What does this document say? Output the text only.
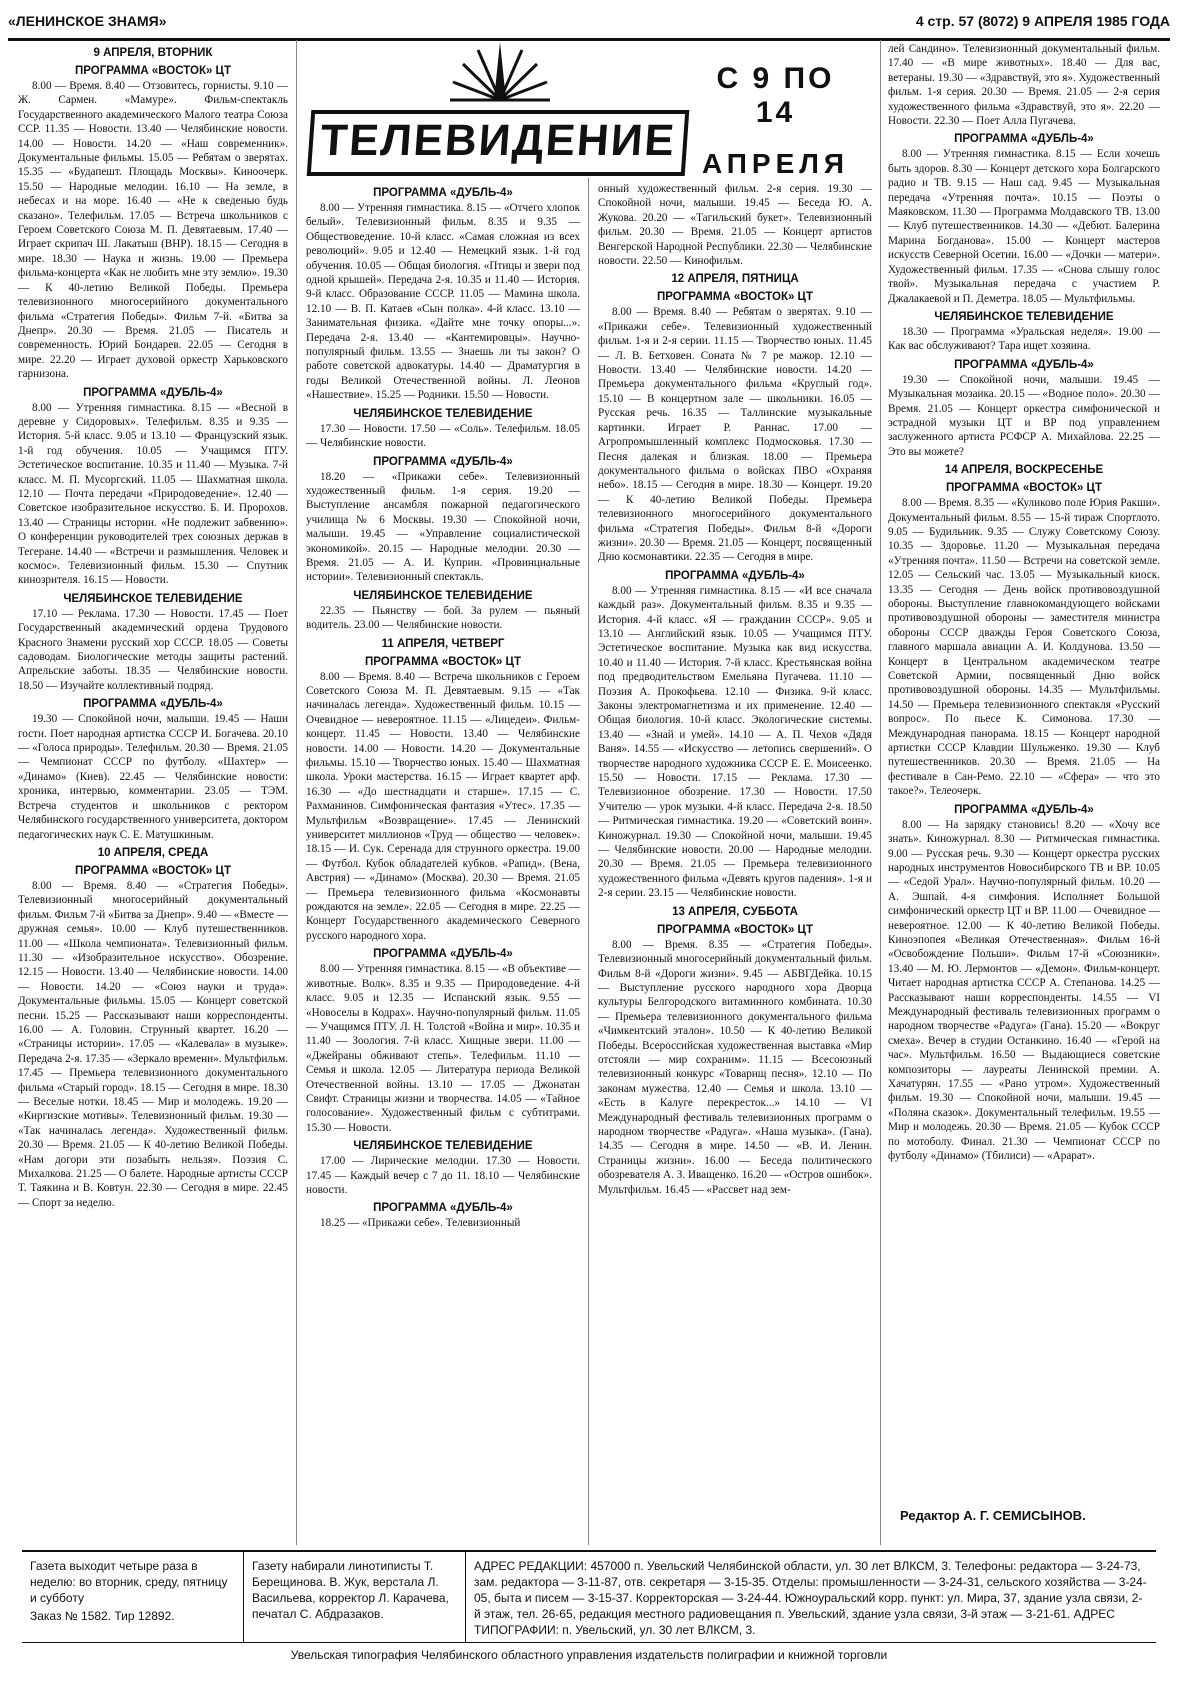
«ЛЕНИНСКОЕ ЗНАМЯ»	4 стр. 57 (8072) 9 АПРЕЛЯ 1985 ГОДА
ТЕЛЕВИДЕНИЕ
С 9 ПО 14
АПРЕЛЯ
9 АПРЕЛЯ, ВТОРНИК
ПРОГРАММА «ВОСТОК» ЦТ

8.00 — Время. 8.40 — Отзовитесь, горнисты. 9.10 — Ж. Сармен. «Мамуре». Фильм-спектакль Государственного академического Малого театра Союза ССР. 11.35 — Новости. 13.40 — Челябинские новости. 14.00 — Новости. 14.20 — «Наш современник». Документальные фильмы. 15.05 — Ребятам о зверятах. 15.35 — «Будапешт. Площадь Москвы». Киноочерк. 15.50 — Народные мелодии. 16.10 — На земле, в небесах и на море. 16.40 — «Не к сведенью будь сказано». Телефильм. 17.05 — Встреча школьников с Героем Советского Союза М. П. Девятаевым. 17.40 — Играет скрипач Ш. Лакатыш (ВНР). 18.15 — Сегодня в мире. 18.30 — Наука и жизнь. 19.00 — Премьера фильма-концерта «Как не любить мне эту землю». 19.30 — К 40-летию Великой Победы. Премьера телевизионного многосерийного документального фильма «Стратегия Победы». Фильм 7-й. «Битва за Днепр». 20.30 — Время. 21.05 — Писатель и современность. Юрий Бондарев. 22.05 — Сегодня в мире. 22.20 — Играет духовой оркестр Харьковского гарнизона.

ПРОГРАММА «ДУБЛЬ-4»

8.00 — Утренняя гимнастика. 8.15 — «Весной в деревне у Сидоровых». Телефильм. 8.35 и 9.35 — История. 5-й класс. 9.05 и 13.10 — Французский язык. 1-й год обучения. 10.05 — Учащимся ПТУ. Эстетическое воспитание. 10.35 и 11.40 — Музыка. 7-й класс. М. П. Мусоргский. 11.05 — Шахматная школа. 12.10 — Почта передачи «Природоведение». 12.40 — Советское изобразительное искусство. Б. И. Пророхов. 13.40 — Страницы истории. «Не подлежит забвению». О конференции руководителей трех союзных держав в Тегеране. 14.40 — «Встречи и размышления. Человек и космос». Телевизионный фильм. 15.30 — Спутник кинозрителя. 16.15 — Новости.

ЧЕЛЯБИНСКОЕ ТЕЛЕВИДЕНИЕ

17.10 — Реклама. 17.30 — Новости. 17.45 — Поет Государственный академический ордена Трудового Красного Знамени русский хор СССР. 18.05 — Советы садоводам. Биологические методы защиты растений. Апрельские заботы. 18.35 — Челябинские новости. 18.50 — Изучайте коллективный подряд.

ПРОГРАММА «ДУБЛЬ-4»

19.30 — Спокойной ночи, малыши. 19.45 — Наши гости. Поет народная артистка СССР И. Богачева. 20.10 — «Голоса природы». Телефильм. 20.30 — Время. 21.05 — Чемпионат СССР по футболу. «Шахтер» — «Динамо» (Киев). 22.45 — Челябинские новости: хроника, интервью, комментарии. 23.05 — ТЭМ. Встреча студентов и школьников с ректором Челябинского государственного университета, доктором педагогических наук С. Е. Матушкиным.

10 АПРЕЛЯ, СРЕДА
ПРОГРАММА «ВОСТОК» ЦТ

8.00 — Время. 8.40 — «Стратегия Победы». Телевизионный многосерийный документальный фильм. Фильм 7-й «Битва за Днепр». 9.40 — «Вместе — дружная семья». 10.00 — Клуб путешественников. 11.00 — «Школа чемпионата». Телевизионный фильм. 11.30 — «Изобразительное искусство». Обозрение. 12.15 — Новости. 13.40 — Челябинские новости. 14.00 — Новости. 14.20 — «Союз науки и труда». Документальные фильмы. 15.05 — Концерт советской песни. 15.25 — Рассказывают наши корреспонденты. 16.00 — А. Головин. Струнный квартет. 16.20 — «Страницы истории». 17.05 — «Калевала» в музыке». Передача 2-я. 17.35 — «Зеркало времени». Мультфильм. 17.45 — Премьера телевизионного документального фильма «Старый город». 18.15 — Сегодня в мире. 18.30 — Веселые нотки. 18.45 — Мир и молодежь. 19.20 — «Киргизские мотивы». Телевизионный фильм. 19.30 — «Так начиналась легенда». Художественный фильм. 20.30 — Время. 21.05 — К 40-летию Великой Победы. «Нам догори эти позабыть нельзя». Поэзия С. Михалкова. 21.25 — О балете. Народные артисты СССР Т. Таякина и В. Ковтун. 22.30 — Сегодня в мире. 22.45 — Спорт за неделю.

ПРОГРАММА «ДУБЛЬ-4»

8.00 — Утренняя гимнастика. 8.15 — «Отчего хлопок белый». Телевизионный фильм. 8.35 и 9.35 — Обществоведение. 10-й класс. «Самая сложная из всех революций». 9.05 и 12.40 — Немецкий язык. 1-й год обучения. 10.05 — Общая биология. «Птицы и звери под одной крышей». Передача 2-я. 10.35 и 11.40 — История. 9-й класс. Образование СССР. 11.05 — Мамина школа. 12.10 — В. П. Катаев «Сын полка». 4-й класс. 13.10 — Занимательная физика. «Дайте мне точку опоры...». Передача 2-я. 13.40 — «Кантемировцы». Научно-популярный фильм. 13.55 — Знаешь ли ты закон? О работе советской адвокатуры. 14.40 — Драматургия в годы Великой Отечественной войны. Л. Леонов «Нашествие». 15.25 — Родники. 15.50 — Новости.

ЧЕЛЯБИНСКОЕ ТЕЛЕВИДЕНИЕ

17.30 — Новости. 17.50 — «Соль». Телефильм. 18.05 — Челябинские новости.

ПРОГРАММА «ДУБЛЬ-4»

18.20 — «Прикажи себе». Телевизионный художественный фильм. 1-я серия. 19.20 — Выступление ансамбля пожарной педагогического училища № 6 Москвы. 19.30 — Спокойной ночи, малыши. 19.45 — «Управление социалистической экономикой». 20.15 — Народные мелодии. 20.30 — Время. 21.05 — А. И. Куприн. «Провинциальные истории». Телевизионный спектакль.

ЧЕЛЯБИНСКОЕ ТЕЛЕВИДЕНИЕ

22.35 — Пьянству — бой. За рулем — пьяный водитель. 23.00 — Челябинские новости.

11 АПРЕЛЯ, ЧЕТВЕРГ
ПРОГРАММА «ВОСТОК» ЦТ

8.00 — Время. 8.40 — Встреча школьников с Героем Советского Союза М. П. Девятаевым. 9.15 — «Так начиналась легенда». Художественный фильм. 10.15 — Очевидное — невероятное. 11.15 — «Лицедеи». Фильм-концерт. 11.45 — Новости. 13.40 — Челябинские новости. 14.00 — Новости. 14.20 — Документальные фильмы. 15.10 — Творчество юных. 15.40 — Шахматная школа. Уроки мастерства. 16.15 — Играет квартет арф. 16.30 — «До шестнадцати и старше». 17.15 — С. Рахманинов. Симфоническая фантазия «Утес». 17.35 — Мультфильм «Возвращение». 17.45 — Ленинский университет миллионов «Труд — общество — человек». 18.15 — И. Сук. Серенада для струнного оркестра. 19.00 — Футбол. Кубок обладателей кубков. «Рапид». (Вена, Австрия) — «Динамо» (Москва). 20.30 — Время. 21.05 — Премьера телевизионного фильма «Космонавты рождаются на земле». 22.05 — Сегодня в мире. 22.25 — Концерт Государственного академического Северного русского народного хора.

ПРОГРАММА «ДУБЛЬ-4»

8.00 — Утренняя гимнастика. 8.15 — «В объективе — животные. Волк». 8.35 и 9.35 — Природоведение. 4-й класс. 9.05 и 12.35 — Испанский язык. 9.55 — «Новоселы в Кодрах». Научно-популярный фильм. 11.05 — Учащимся ПТУ. Л. Н. Толстой «Война и мир». 10.35 и 11.40 — Зоология. 7-й класс. Хищные звери. 11.00 — «Джейраны обживают степь». Телефильм. 11.10 — Семья и школа. 12.05 — Литература периода Великой Отечественной войны. 13.10 — 17.05 — Джонатан Свифт. Страницы жизни и творчества. 14.05 — «Тайное голосование». Художественный фильм с субтитрами. 15.30 — Новости.

ЧЕЛЯБИНСКОЕ ТЕЛЕВИДЕНИЕ

17.00 — Лирические мелодии. 17.30 — Новости. 17.45 — Каждый вечер с 7 до 11. 18.10 — Челябинские новости.

ПРОГРАММА «ДУБЛЬ-4»

18.25 — «Прикажи себе». Телевизионный

онный художественный фильм. 2-я серия. 19.30 — Спокойной ночи, малыши. 19.45 — Беседа Ю. А. Жукова. 20.20 — «Тагильский букет». Телевизионный фильм. 20.30 — Время. 21.05 — Концерт артистов Венгерской Народной Республики. 22.30 — Челябинские новости. 22.50 — Кинофильм.

12 АПРЕЛЯ, ПЯТНИЦА
ПРОГРАММА «ВОСТОК» ЦТ

8.00 — Время. 8.40 — Ребятам о зверятах. 9.10 — «Прикажи себе». Телевизионный художественный фильм. 1-я и 2-я серии. 11.15 — Творчество юных. 11.45 — Л. В. Бетховен. Соната № 7 ре мажор. 12.10 — Новости. 13.40 — Челябинские новости. 14.20 — Премьера документального фильма «Круглый год». 15.10 — В концертном зале — школьники. 16.05 — Русская речь. 16.35 — Таллинские музыкальные картинки. Играет Р. Раннас. 17.00 — Агропромышленный комплекс Подмосковья. 17.30 — Песня далекая и близкая. 18.00 — Премьера документального фильма о войсках ПВО «Охраняя небо». 18.15 — Сегодня в мире. 18.30 — Концерт. 19.20 — К 40-летию Великой Победы. Премьера телевизионного многосерийного документального фильма «Стратегия Победы». Фильм 8-й «Дороги жизни». 20.30 — Время. 21.05 — Концерт, посвященный Дню космонавтики. 22.35 — Сегодня в мире.

ПРОГРАММА «ДУБЛЬ-4»

8.00 — Утренняя гимнастика. 8.15 — «И все сначала каждый раз». Документальный фильм. 8.35 и 9.35 — История. 4-й класс. «Я — гражданин СССР». 9.05 и 13.10 — Английский язык. 10.05 — Учащимся ПТУ. Эстетическое воспитание. Музыка как вид искусства. 10.40 и 11.40 — История. 7-й класс. Крестьянская война под предводительством Емельяна Пугачева. 11.10 — Поэзия А. Прокофьева. 12.10 — Физика. 9-й класс. Законы электромагнетизма и их применение. 12.40 — Общая биология. 10-й класс. Экологические системы. 13.40 — «Знай и умей». 14.10 — А. П. Чехов «Дядя Ваня». 14.55 — «Искусство — летопись свершений». О творчестве народного художника СССР Е. Е. Моисеенко. 15.50 — Новости. 17.15 — Реклама. 17.30 — Телевизионное обозрение. 17.30 — Новости. 17.50 Учителю — урок музыки. 4-й класс. Передача 2-я. 18.50 — Ритмическая гимнастика. 19.20 — «Советский воин». Киножурнал. 19.30 — Спокойной ночи, малыши. 19.45 — Челябинские новости. 20.00 — Народные мелодии. 20.30 — Время. 21.05 — Премьера телевизионного художественного фильма «Девять кругов падения». 1-я и 2-я серии. 23.15 — Челябинские новости.

13 АПРЕЛЯ, СУББОТА
ПРОГРАММА «ВОСТОК» ЦТ

8.00 — Время. 8.35 — «Стратегия Победы». Телевизионный многосерийный документальный фильм. Фильм 8-й «Дороги жизни». 9.45 — АБВГДейка. 10.15 — Выступление русского народного хора Дворца культуры Белгородского витаминного комбината. 10.30 — Премьера телевизионного документального фильма «Чимкентский эталон». 10.50 — К 40-летию Великой Победы. Всероссийская художественная выставка «Мир отстояли — мир сохраним». 11.15 — Всесоюзный телевизионный конкурс «Товарищ песня». 12.10 — По законам мужества. 12.40 — Семья и школа. 13.10 — «Есть в Калуге перекресток...» 14.10 — VI Международный фестиваль телевизионных программ о народном творчестве «Радуга». «Наша музыка». (Гана). 14.35 — Сегодня в мире. 14.50 — «В. И. Ленин. Страницы жизни». 16.00 — Беседа политического обозревателя А. З. Иващенко. 16.20 — «Остров ошибок». Мультфильм. 16.45 — «Рассвет над зем-

лей Сандино». Телевизионный документальный фильм. 17.40 — «В мире животных». 18.40 — Для вас, ветераны. 19.30 — «Здравствуй, это я». Художественный фильм. 1-я серия. 20.30 — Время. 21.05 — 2-я серия художественного фильма «Здравствуй, это я». 22.20 — Новости. 22.30 — Поет Алла Пугачева.

ПРОГРАММА «ДУБЛЬ-4»

8.00 — Утренняя гимнастика. 8.15 — Если хочешь быть здоров. 8.30 — Концерт детского хора Болгарского радио и ТВ. 9.15 — Наш сад. 9.45 — Музыкальная передача «Утренняя почта». 10.15 — Поэты о Маяковском. 11.30 — Программа Молдавского ТВ. 13.00 — Клуб путешественников. 14.30 — «Дебют. Балерина Марина Богданова». 15.00 — Концерт мастеров искусств Северной Осетии. 16.00 — «Дочки — матери». Художественный фильм. 17.35 — «Снова слышу голос твой». Музыкальная передача с участием Р. Джалакаевой и П. Деметра. 18.05 — Мультфильмы.

ЧЕЛЯБИНСКОЕ ТЕЛЕВИДЕНИЕ

18.30 — Программа «Уральская неделя». 19.00 — Как вас обслуживают? Тара ищет хозяина.

ПРОГРАММА «ДУБЛЬ-4»

19.30 — Спокойной ночи, малыши. 19.45 — Музыкальная мозаика. 20.15 — «Водное поло». 20.30 — Время. 21.05 — Концерт оркестра симфонической и эстрадной музыки ЦТ и ВР под управлением заслуженного артиста РСФСР А. Михайлова. 22.25 — Это вы можете?

14 АПРЕЛЯ, ВОСКРЕСЕНЬЕ
ПРОГРАММА «ВОСТОК» ЦТ

8.00 — Время. 8.35 — «Куликово поле Юрия Ракши». Документальный фильм. 8.55 — 15-й тираж Спортлото. 9.05 — Будильник. 9.35 — Служу Советскому Союзу. 10.35 — Здоровье. 11.20 — Музыкальная передача «Утренняя почта». 11.50 — Встречи на советской земле. 12.05 — Сельский час. 13.05 — Музыкальный киоск. 13.35 — Сегодня — День войск противовоздушной обороны. Выступление главнокомандующего войсками противовоздушной обороны — заместителя министра обороны СССР дважды Героя Советского Союза, главного маршала авиации А. И. Колдунова. 13.50 — Концерт в Центральном академическом театре Советской Армии, посвященный Дню войск противовоздушной обороны. 14.35 — Мультфильмы. 14.50 — Премьера телевизионного спектакля «Русский вопрос». По пьесе К. Симонова. 17.30 — Международная панорама. 18.15 — Концерт народной артистки СССР Клавдии Шульженко. 19.30 — Клуб путешественников. 20.30 — Время. 21.05 — На фестивале в Сан-Ремо. 22.10 — «Сфера» — что это такое?». Телеочерк.

ПРОГРАММА «ДУБЛЬ-4»

8.00 — На зарядку становись! 8.20 — «Хочу все знать». Киножурнал. 8.30 — Ритмическая гимнастика. 9.00 — Русская речь. 9.30 — Концерт оркестра русских народных инструментов Новосибирского ТВ и ВР. 10.05 — «Седой Урал». Научно-популярный фильм. 10.20 — А. Эшпай. 4-я симфония. Исполняет Большой симфонический оркестр ЦТ и ВР. 11.00 — Очевидное — невероятное. 12.00 — К 40-летию Великой Победы. Киноэпопея «Великая Отечественная». Фильм 16-й «Освобождение Польши». Фильм 17-й «Союзники». 13.40 — М. Ю. Лермонтов — «Демон». Фильм-концерт. Читает народная артистка СССР А. Степанова. 14.25 — Рассказывают наши корреспонденты. 14.55 — VI Международный фестиваль телевизионных программ о народном творчестве «Радуга» (Гана). 15.20 — «Вокруг смеха». Вечер в студии Останкино. 16.40 — «Герой на час». Мультфильм. 16.50 — Выдающиеся советские композиторы — лауреаты Ленинской премии. А. Хачатурян. 17.55 — «Рано утром». Художественный фильм. 19.30 — Спокойной ночи, малыши. 19.45 — «Поляна сказок». Документальный телефильм. 19.55 — Мир и молодежь. 20.30 — Время. 21.05 — Кубок СССР по мотоболу. Финал. 21.30 — Чемпионат СССР по футболу «Динамо» (Тбилиси) — «Арарат».

Редактор А. Г. СЕМИСЫНОВ.
Газета выходит четыре раза в неделю: во вторник, среду, пятницу и субботу
Заказ № 1582. Тир 12892.
Газету набирали линотиписты Т. Берещинова. В. Жук, верстала Л. Васильева, корректор Л. Карачева, печатал С. Абдразаков.
АДРЕС РЕДАКЦИИ: 457000 п. Увельский Челябинской области, ул. 30 лет ВЛКСМ, 3. Телефоны: редактора — 3-24-73, зам. редактора — 3-11-87, отв. секретаря — 3-15-35. Отделы: промышленности — 3-24-31, сельского хозяйства — 3-24-05, быта и писем — 3-15-37. Корректорская — 3-24-44. Южноуральский корр. пункт: ул. Мира, 37, здание узла связи, 2-й этаж, тел. 26-65, редакция местного радиовещания п. Увельский, здание узла связи, 3-й этаж — 3-21-61. АДРЕС ТИПОГРАФИИ: п. Увельский, ул. 30 лет ВЛКСМ, 3.
Увельская типография Челябинского областного управления издательств полиграфии и книжной торговли
